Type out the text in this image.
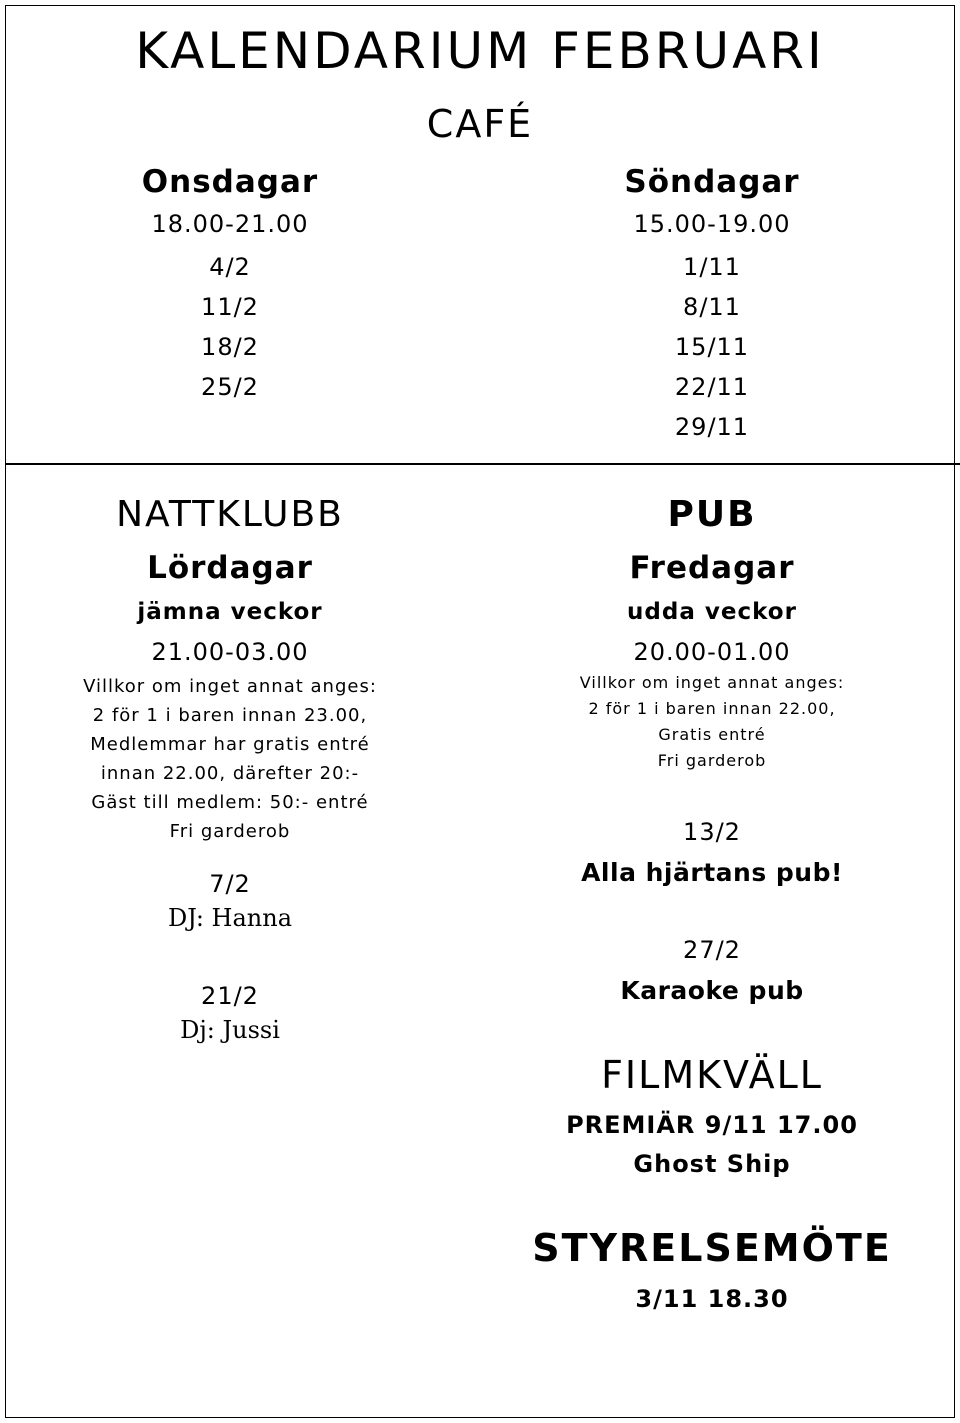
KALENDARIUM FEBRUARI
CAFÉ
Onsdagar
18.00-21.00
4/2
11/2
18/2
25/2
Söndagar
15.00-19.00
1/11
8/11
15/11
22/11
29/11
NATTKLUBB
Lördagar
jämna veckor
21.00-03.00
Villkor om inget annat anges:
2 för 1 i baren innan 23.00,
Medlemmar har gratis entré
innan 22.00, därefter 20:-
Gäst till medlem: 50:- entré
Fri garderob
7/2
DJ: Hanna
21/2
Dj: Jussi
PUB
Fredagar
udda veckor
20.00-01.00
Villkor om inget annat anges:
2 för 1 i baren innan 22.00,
Gratis entré
Fri garderob
13/2
Alla hjärtans pub!
27/2
Karaoke pub
FILMKVÄLL
PREMIÄR 9/11 17.00
Ghost Ship
STYRELSEMÖTE
3/11 18.30
